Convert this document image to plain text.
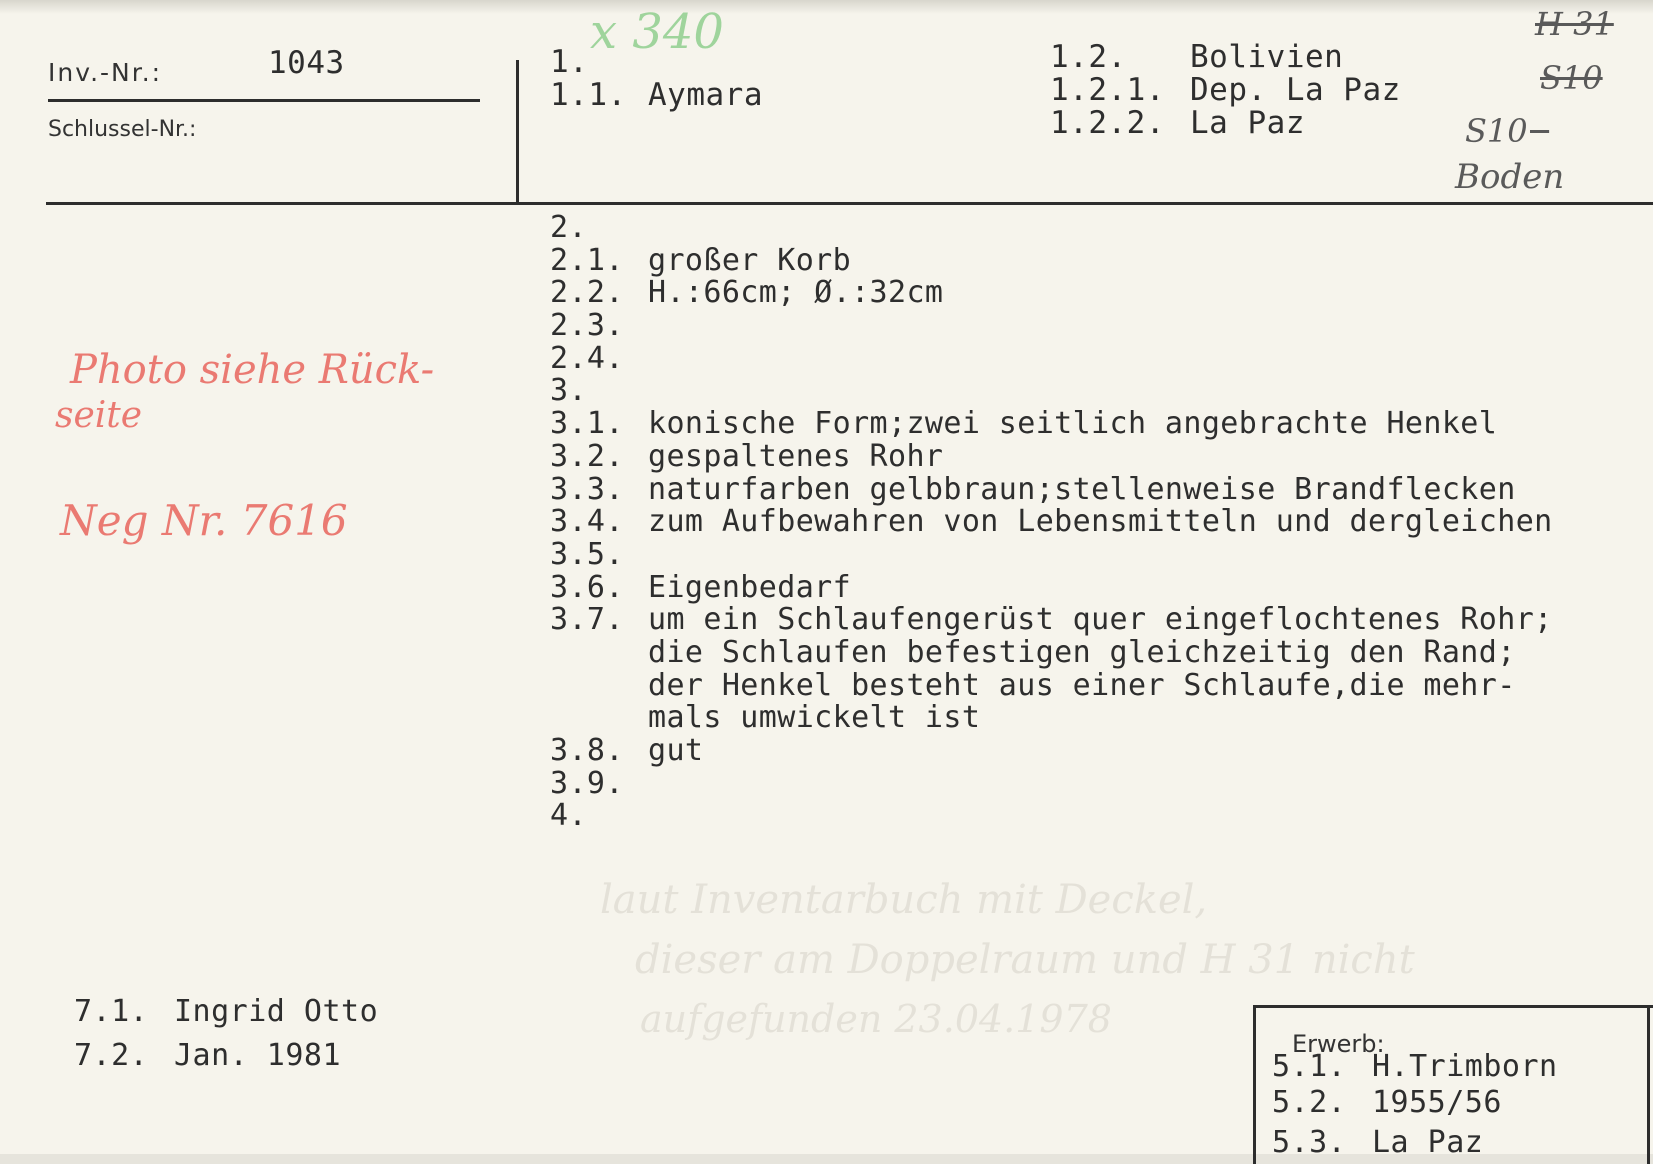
Inv.-Nr.:	1043
Schlussel-Nr.:
1.
1.1. Aymara
1.2. Bolivien
1.2.1. Dep. La Paz
1.2.2. La Paz
x 340	H 31
S10
S10

Boden
Photo siehe Rück-
seite
Neg Nr. 7616
laut Inventarbuch mit Deckel,
dieser am Doppelraum und H 31 nicht
aufgefunden 23.04.1978
2.
2.1. großer Korb
2.2. H.:66cm; Ø.:32cm
2.3.
2.4.
3.
3.1. konische Form;zwei seitlich angebrachte Henkel
3.2. gespaltenes Rohr
3.3. naturfarben gelbbraun;stellenweise Brandflecken
3.4. zum Aufbewahren von Lebensmitteln und dergleichen
3.5.
3.6. Eigenbedarf
3.7. um ein Schlaufengerüst quer eingeflochtenes Rohr;
die Schlaufen befestigen gleichzeitig den Rand;
der Henkel besteht aus einer Schlaufe,die mehr-
mals umwickelt ist
3.8. gut
3.9.
4.
7.1. Ingrid Otto
7.2. Jan. 1981	Erwerb:
5.1. H.Trimborn
5.2. 1955/56
5.3. La Paz
